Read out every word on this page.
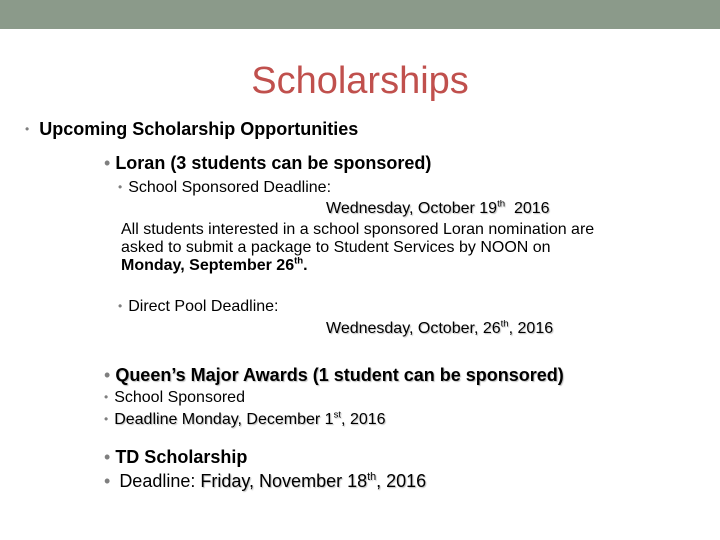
Scholarships
• Upcoming Scholarship Opportunities
• Loran (3 students can be sponsored)
• School Sponsored Deadline:
Wednesday, October 19th 2016
All students interested in a school sponsored Loran nomination are
asked to submit a package to Student Services by NOON on
Monday, September 26th.
• Direct Pool Deadline:
Wednesday, October, 26th, 2016
• Queen’s Major Awards (1 student can be sponsored)
• School Sponsored
• Deadline Monday, December 1st, 2016
• TD Scholarship
• Deadline: Friday, November 18th, 2016
